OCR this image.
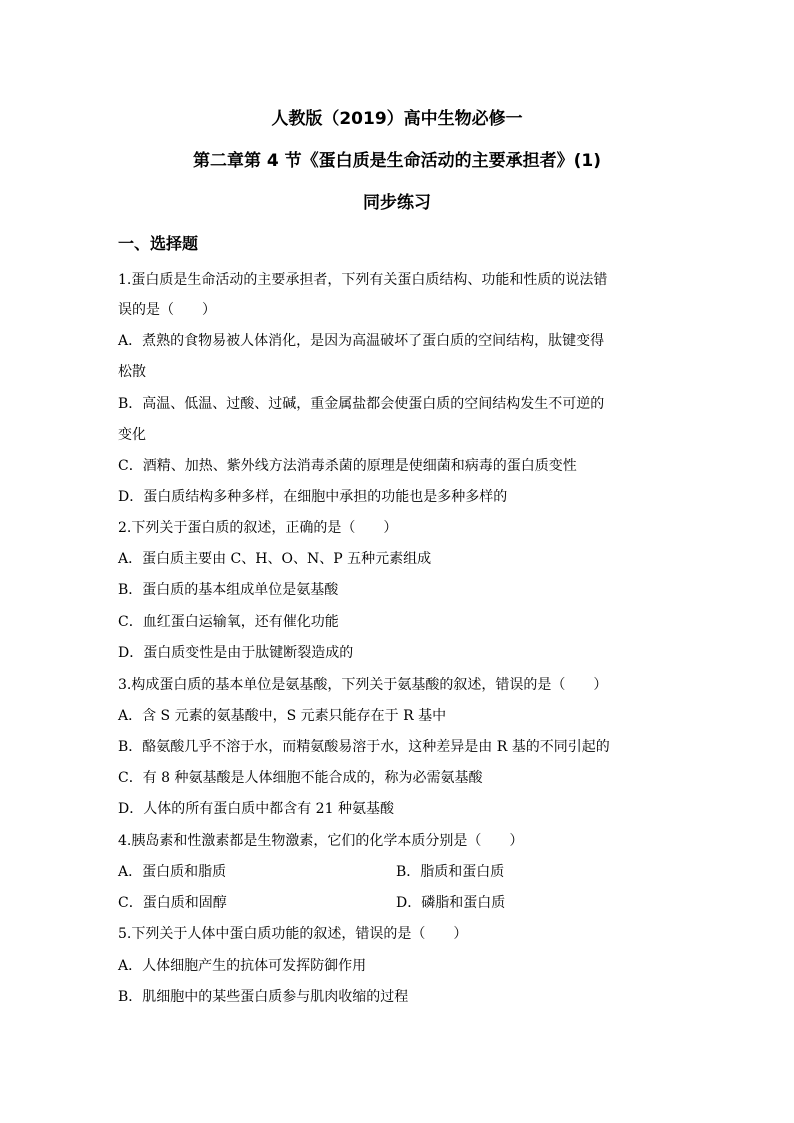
人教版（2019）高中生物必修一
第二章第 4 节《蛋白质是生命活动的主要承担者》(1)
同步练习
一、选择题
1.蛋白质是生命活动的主要承担者，下列有关蛋白质结构、功能和性质的说法错
误的是（　　）
A．煮熟的食物易被人体消化，是因为高温破坏了蛋白质的空间结构，肽键变得
松散
B．高温、低温、过酸、过碱，重金属盐都会使蛋白质的空间结构发生不可逆的
变化
C．酒精、加热、紫外线方法消毒杀菌的原理是使细菌和病毒的蛋白质变性
D．蛋白质结构多种多样，在细胞中承担的功能也是多种多样的
2.下列关于蛋白质的叙述，正确的是（　　）
A．蛋白质主要由 C、H、O、N、P 五种元素组成
B．蛋白质的基本组成单位是氨基酸
C．血红蛋白运输氧，还有催化功能
D．蛋白质变性是由于肽键断裂造成的
3.构成蛋白质的基本单位是氨基酸，下列关于氨基酸的叙述，错误的是（　　）
A．含 S 元素的氨基酸中，S 元素只能存在于 R 基中
B．酪氨酸几乎不溶于水，而精氨酸易溶于水，这种差异是由 R 基的不同引起的
C．有 8 种氨基酸是人体细胞不能合成的，称为必需氨基酸
D．人体的所有蛋白质中都含有 21 种氨基酸
4.胰岛素和性激素都是生物激素，它们的化学本质分别是（　　）
A．蛋白质和脂质	B．脂质和蛋白质
C．蛋白质和固醇	D．磷脂和蛋白质
5.下列关于人体中蛋白质功能的叙述，错误的是（　　）
A．人体细胞产生的抗体可发挥防御作用
B．肌细胞中的某些蛋白质参与肌肉收缩的过程
